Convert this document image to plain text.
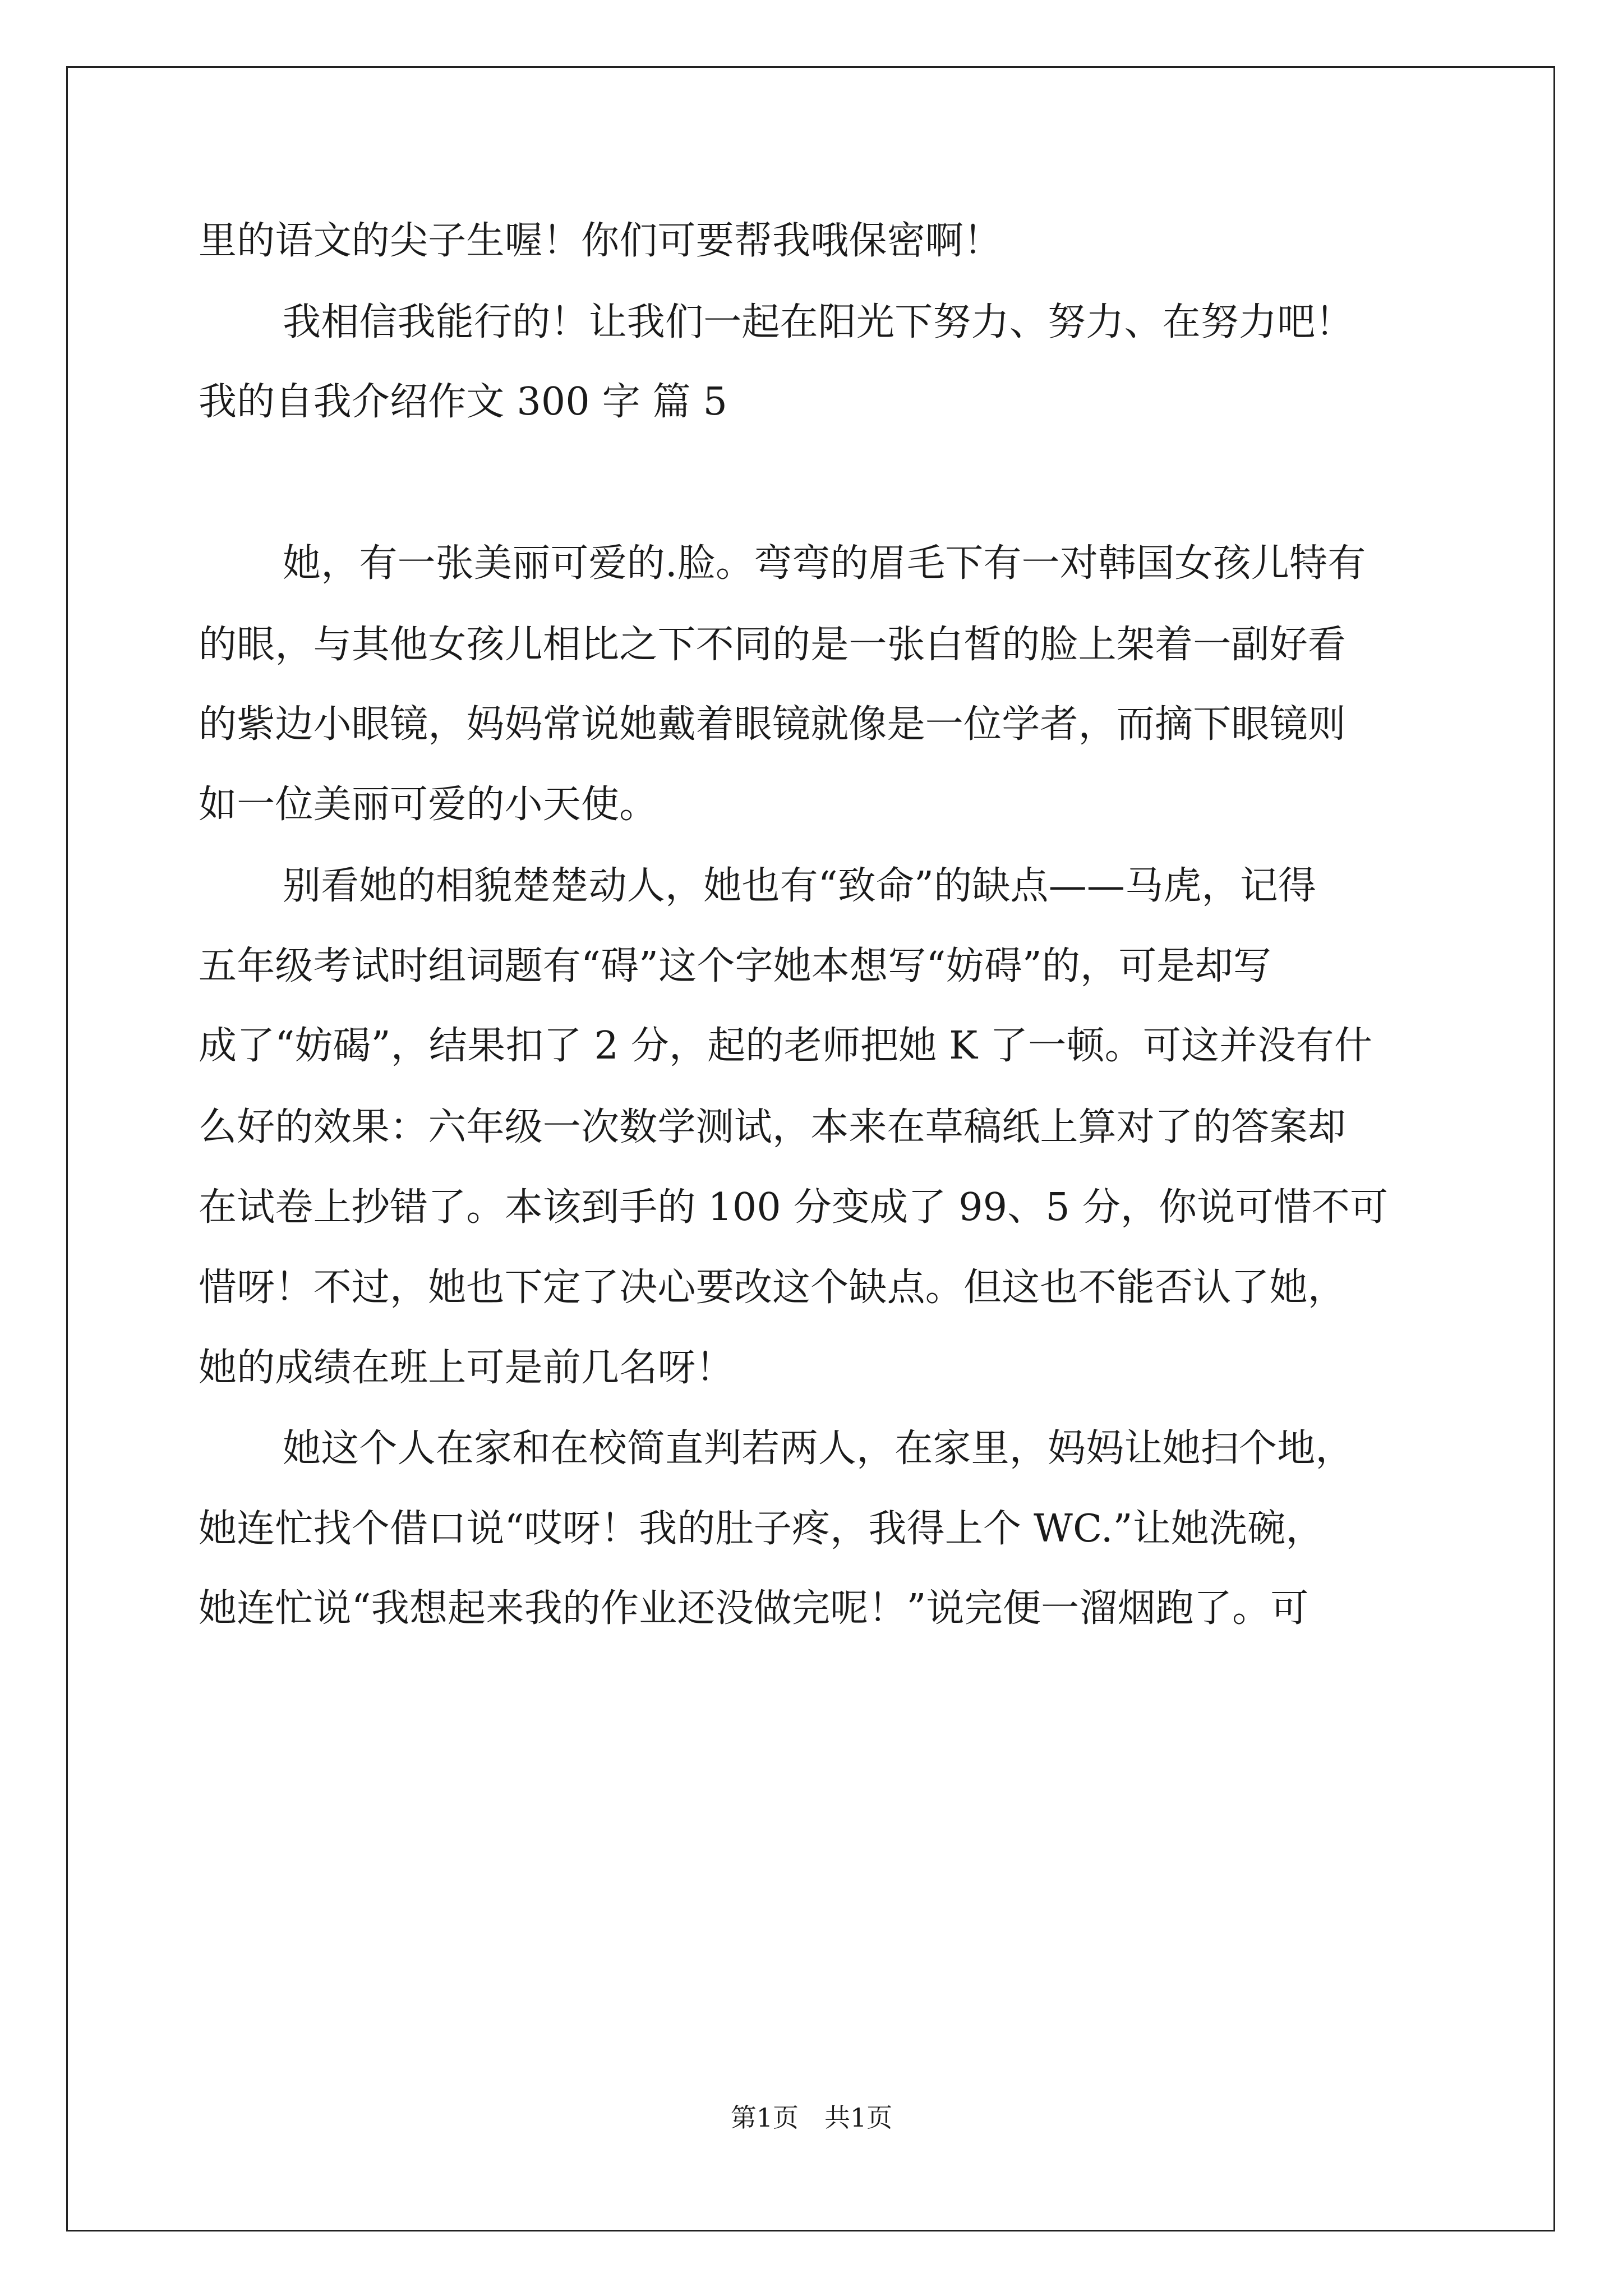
里的语文的尖子生喔！你们可要帮我哦保密啊！
我相信我能行的！让我们一起在阳光下努力、努力、在努力吧！
我的自我介绍作文 300 字 篇 5
她，有一张美丽可爱的.脸。弯弯的眉毛下有一对韩国女孩儿特有
的眼，与其他女孩儿相比之下不同的是一张白皙的脸上架着一副好看
的紫边小眼镜，妈妈常说她戴着眼镜就像是一位学者，而摘下眼镜则
如一位美丽可爱的小天使。
别看她的相貌楚楚动人，她也有“致命”的缺点——马虎，记得
五年级考试时组词题有“碍”这个字她本想写“妨碍”的，可是却写
成了“妨碣”，结果扣了 2 分，起的老师把她 K 了一顿。可这并没有什
么好的效果：六年级一次数学测试，本来在草稿纸上算对了的答案却
在试卷上抄错了。本该到手的 100 分变成了 99、5 分，你说可惜不可
惜呀！不过，她也下定了决心要改这个缺点。但这也不能否认了她，
她的成绩在班上可是前几名呀！
她这个人在家和在校简直判若两人，在家里，妈妈让她扫个地，
她连忙找个借口说“哎呀！我的肚子疼，我得上个 WC.”让她洗碗，
她连忙说“我想起来我的作业还没做完呢！”说完便一溜烟跑了。可
第1页　共1页
